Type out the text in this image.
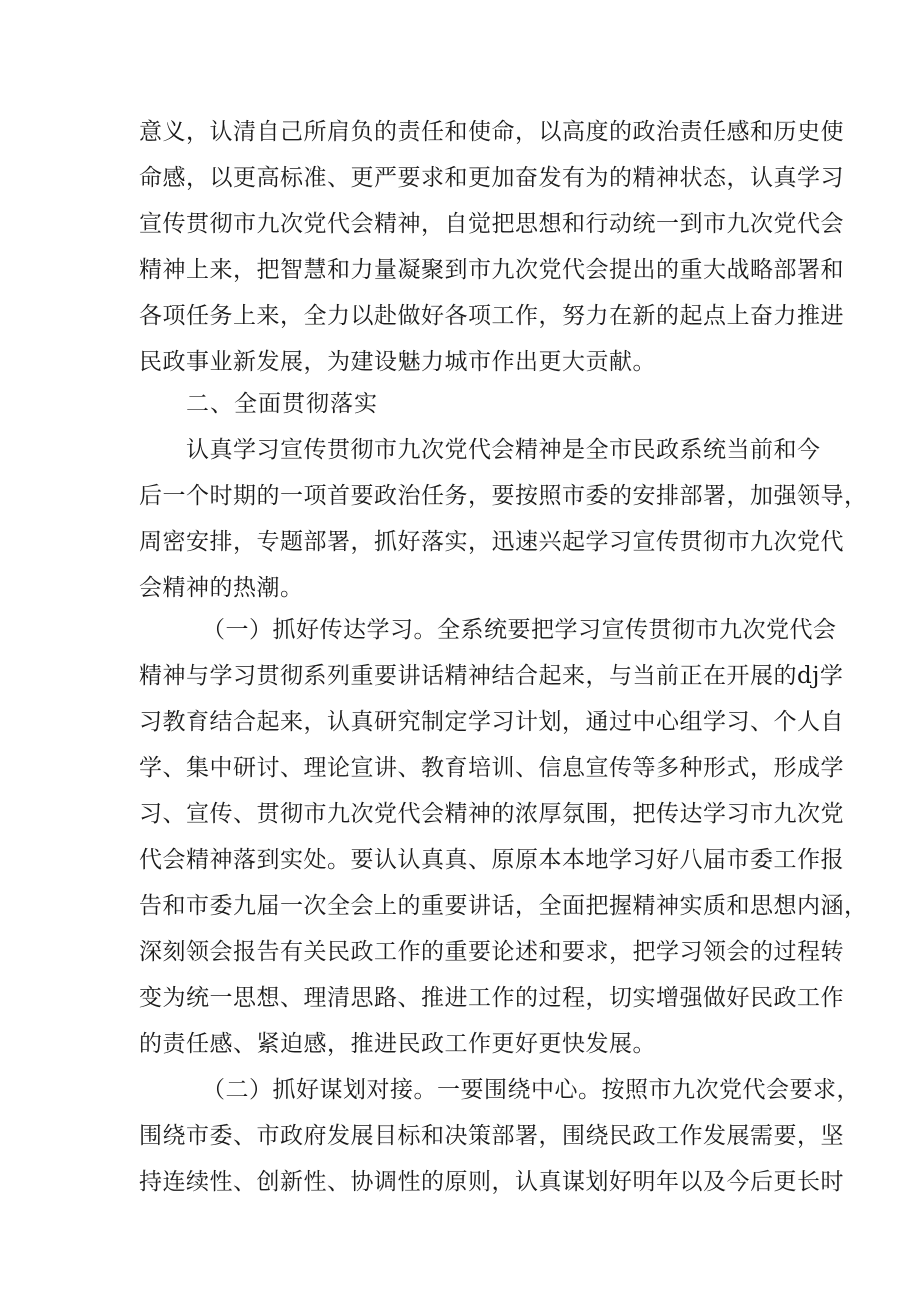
意义，认清自己所肩负的责任和使命，以高度的政治责任感和历史使
命感，以更高标准、更严要求和更加奋发有为的精神状态，认真学习
宣传贯彻市九次党代会精神，自觉把思想和行动统一到市九次党代会
精神上来，把智慧和力量凝聚到市九次党代会提出的重大战略部署和
各项任务上来，全力以赴做好各项工作，努力在新的起点上奋力推进
民政事业新发展，为建设魅力城市作出更大贡献。
二、全面贯彻落实
认真学习宣传贯彻市九次党代会精神是全市民政系统当前和今
后一个时期的一项首要政治任务，要按照市委的安排部署，加强领导，
周密安排，专题部署，抓好落实，迅速兴起学习宣传贯彻市九次党代
会精神的热潮。
（一）抓好传达学习。全系统要把学习宣传贯彻市九次党代会
精神与学习贯彻系列重要讲话精神结合起来，与当前正在开展的dj学
习教育结合起来，认真研究制定学习计划，通过中心组学习、个人自
学、集中研讨、理论宣讲、教育培训、信息宣传等多种形式，形成学
习、宣传、贯彻市九次党代会精神的浓厚氛围，把传达学习市九次党
代会精神落到实处。要认认真真、原原本本地学习好八届市委工作报
告和市委九届一次全会上的重要讲话，全面把握精神实质和思想内涵，
深刻领会报告有关民政工作的重要论述和要求，把学习领会的过程转
变为统一思想、理清思路、推进工作的过程，切实增强做好民政工作
的责任感、紧迫感，推进民政工作更好更快发展。
（二）抓好谋划对接。一要围绕中心。按照市九次党代会要求，
围绕市委、市政府发展目标和决策部署，围绕民政工作发展需要，坚
持连续性、创新性、协调性的原则，认真谋划好明年以及今后更长时
